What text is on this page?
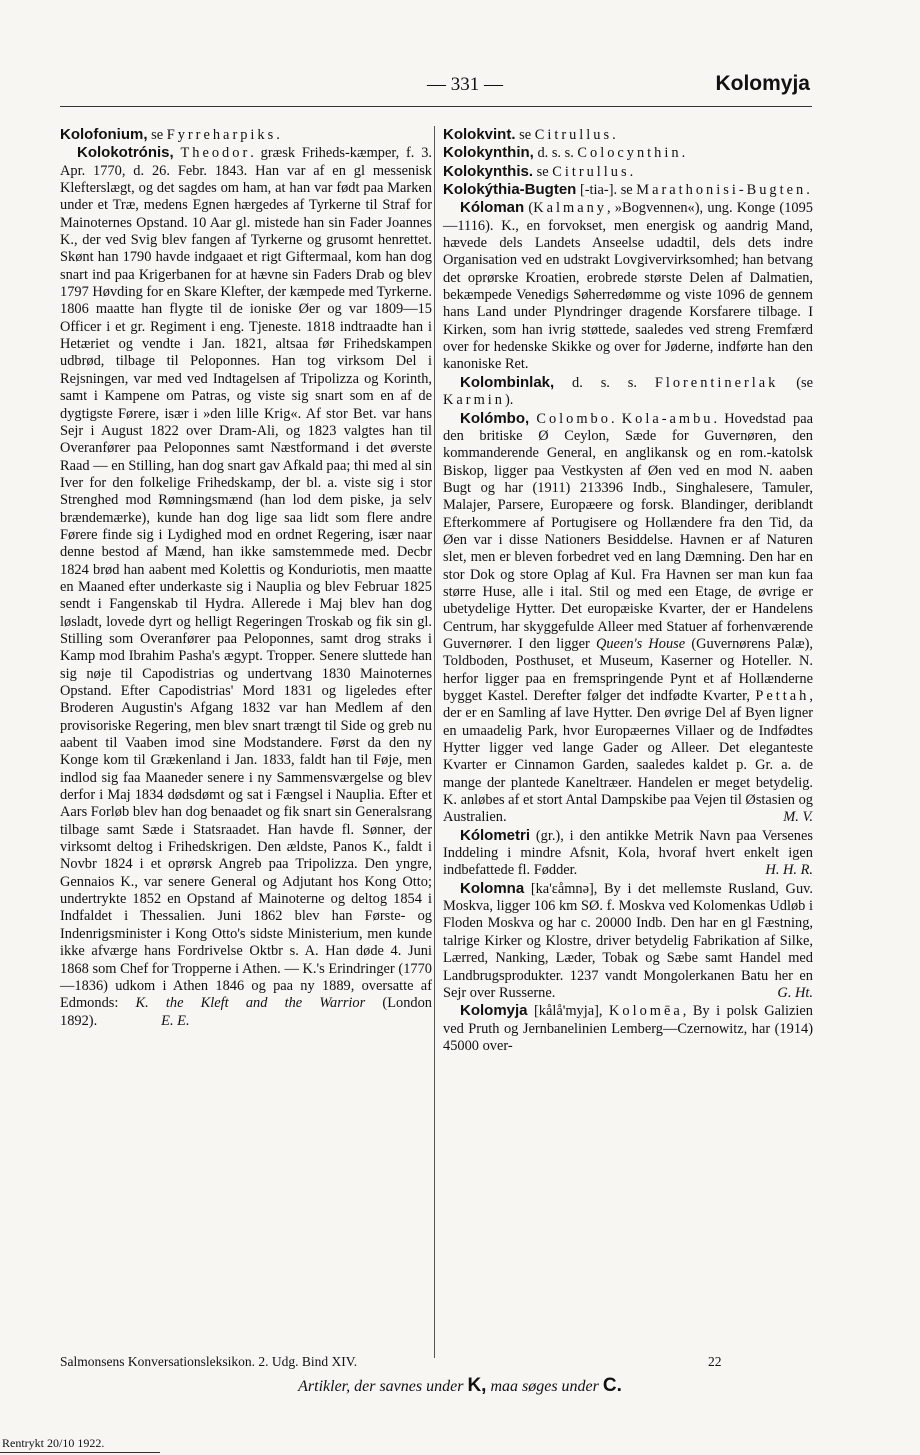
— 331 —	Kolomyja

Kolofonium, se Fyrreharpiks.

Kolokotrónis, Theodor. græsk Friheds-kæmper, f. 3. Apr. 1770, d. 26. Febr. 1843. Han var af en gl messenisk Klefterslægt, og det sagdes om ham, at han var født paa Marken under et Træ, medens Egnen hærgedes af Tyrkerne til Straf for Mainoternes Opstand. 10 Aar gl. mistede han sin Fader Joannes K., der ved Svig blev fangen af Tyrkerne og grusomt henrettet. Skønt han 1790 havde indgaaet et rigt Giftermaal, kom han dog snart ind paa Krigerbanen for at hævne sin Faders Drab og blev 1797 Høvding for en Skare Klefter, der kæmpede med Tyrkerne. 1806 maatte han flygte til de ioniske Øer og var 1809—15 Officer i et gr. Regiment i eng. Tjeneste. 1818 indtraadte han i Hetæriet og vendte i Jan. 1821, altsaa før Frihedskampen udbrød, tilbage til Peloponnes. Han tog virksom Del i Rejsningen, var med ved Indtagelsen af Tripolizza og Korinth, samt i Kampene om Patras, og viste sig snart som en af de dygtigste Førere, især i »den lille Krig«. Af stor Bet. var hans Sejr i August 1822 over Dram-Ali, og 1823 valgtes han til Overanfører paa Peloponnes samt Næstformand i det øverste Raad — en Stilling, han dog snart gav Afkald paa; thi med al sin Iver for den folkelige Frihedskamp, der bl. a. viste sig i stor Strenghed mod Rømningsmænd (han lod dem piske, ja selv brændemærke), kunde han dog lige saa lidt som flere andre Førere finde sig i Lydighed mod en ordnet Regering, især naar denne bestod af Mænd, han ikke samstemmede med. Decbr 1824 brød han aabent med Kolettis og Konduriotis, men maatte en Maaned efter underkaste sig i Nauplia og blev Februar 1825 sendt i Fangenskab til Hydra. Allerede i Maj blev han dog løsladt, lovede dyrt og helligt Regeringen Troskab og fik sin gl. Stilling som Overanfører paa Peloponnes, samt drog straks i Kamp mod Ibrahim Pasha's ægypt. Tropper. Senere sluttede han sig nøje til Capodistrias og undertvang 1830 Mainoternes Opstand. Efter Capodistrias' Mord 1831 og ligeledes efter Broderen Augustin's Afgang 1832 var han Medlem af den provisoriske Regering, men blev snart trængt til Side og greb nu aabent til Vaaben imod sine Modstandere. Først da den ny Konge kom til Grækenland i Jan. 1833, faldt han til Føje, men indlod sig faa Maaneder senere i ny Sammensværgelse og blev derfor i Maj 1834 dødsdømt og sat i Fængsel i Nauplia. Efter et Aars Forløb blev han dog benaadet og fik snart sin Generalsrang tilbage samt Sæde i Statsraadet. Han havde fl. Sønner, der virksomt deltog i Frihedskrigen. Den ældste, Panos K., faldt i Novbr 1824 i et oprørsk Angreb paa Tripolizza. Den yngre, Gennaios K., var senere General og Adjutant hos Kong Otto; undertrykte 1852 en Opstand af Mainoterne og deltog 1854 i Indfaldet i Thessalien. Juni 1862 blev han Første- og Indenrigsminister i Kong Otto's sidste Ministerium, men kunde ikke afværge hans Fordrivelse Oktbr s. A. Han døde 4. Juni 1868 som Chef for Tropperne i Athen. — K.'s Erindringer (1770—1836) udkom i Athen 1846 og paa ny 1889, oversatte af Edmonds: K. the Kleft and the Warrior (London 1892).	E. E.

Kolokvint. se Citrullus.

Kolokynthin, d. s. s. Colocynthin.

Kolokynthis. se Citrullus.

Kolokýthia-Bugten [-tia-]. se Marathonisi-Bugten.

Kóloman (Kalmany, »Bogvennen«), ung. Konge (1095—1116). K., en forvokset, men energisk og aandrig Mand, hævede dels Landets Anseelse udadtil, dels dets indre Organisation ved en udstrakt Lovgivervirksomhed; han betvang det oprørske Kroatien, erobrede største Delen af Dalmatien, bekæmpede Venedigs Søherredømme og viste 1096 de gennem hans Land under Plyndringer dragende Korsfarere tilbage. I Kirken, som han ivrig støttede, saaledes ved streng Fremfærd over for hedenske Skikke og over for Jøderne, indførte han den kanoniske Ret.

Kolombinlak, d. s. s. Florentinerlak (se Karmin).

Kolómbo, Colombo. Kola-ambu. Hovedstad paa den britiske Ø Ceylon, Sæde for Guvernøren, den kommanderende General, en anglikansk og en rom.-katolsk Biskop, ligger paa Vestkysten af Øen ved en mod N. aaben Bugt og har (1911) 213396 Indb., Singhalesere, Tamuler, Malajer, Parsere, Europæere og forsk. Blandinger, deriblandt Efterkommere af Portugisere og Hollændere fra den Tid, da Øen var i disse Nationers Besiddelse. Havnen er af Naturen slet, men er bleven forbedret ved en lang Dæmning. Den har en stor Dok og store Oplag af Kul. Fra Havnen ser man kun faa større Huse, alle i ital. Stil og med een Etage, de øvrige er ubetydelige Hytter. Det europæiske Kvarter, der er Handelens Centrum, har skyggefulde Alleer med Statuer af forhenværende Guvernører. I den ligger Queen's House (Guvernørens Palæ), Toldboden, Posthuset, et Museum, Kaserner og Hoteller. N. herfor ligger paa en fremspringende Pynt et af Hollænderne bygget Kastel. Derefter følger det indfødte Kvarter, Pettah, der er en Samling af lave Hytter. Den øvrige Del af Byen ligner en umaadelig Park, hvor Europæernes Villaer og de Indfødtes Hytter ligger ved lange Gader og Alleer. Det eleganteste Kvarter er Cinnamon Garden, saaledes kaldet p. Gr. a. de mange der plantede Kaneltræer. Handelen er meget betydelig. K. anløbes af et stort Antal Dampskibe paa Vejen til Østasien og Australien.	M. V.

Kólometri (gr.), i den antikke Metrik Navn paa Versenes Inddeling i mindre Afsnit, Kola, hvoraf hvert enkelt igen indbefattede fl. Fødder.	H. H. R.

Kolomna [ka'ɛåmnə], By i det mellemste Rusland, Guv. Moskva, ligger 106 km SØ. f. Moskva ved Kolomenkas Udløb i Floden Moskva og har c. 20000 Indb. Den har en gl Fæstning, talrige Kirker og Klostre, driver betydelig Fabrikation af Silke, Lærred, Nanking, Læder, Tobak og Sæbe samt Handel med Landbrugsprodukter. 1237 vandt Mongolerkanen Batu her en Sejr over Russerne.	G. Ht.

Kolomyja [kålå'myja], Kolomēa, By i polsk Galizien ved Pruth og Jernbanelinien Lemberg—Czernowitz, har (1914) 45000 over-

Salmonsens Konversationsleksikon. 2. Udg. Bind XIV.	22
Artikler, der savnes under K, maa søges under C.
Rentrykt 20/10 1922.
